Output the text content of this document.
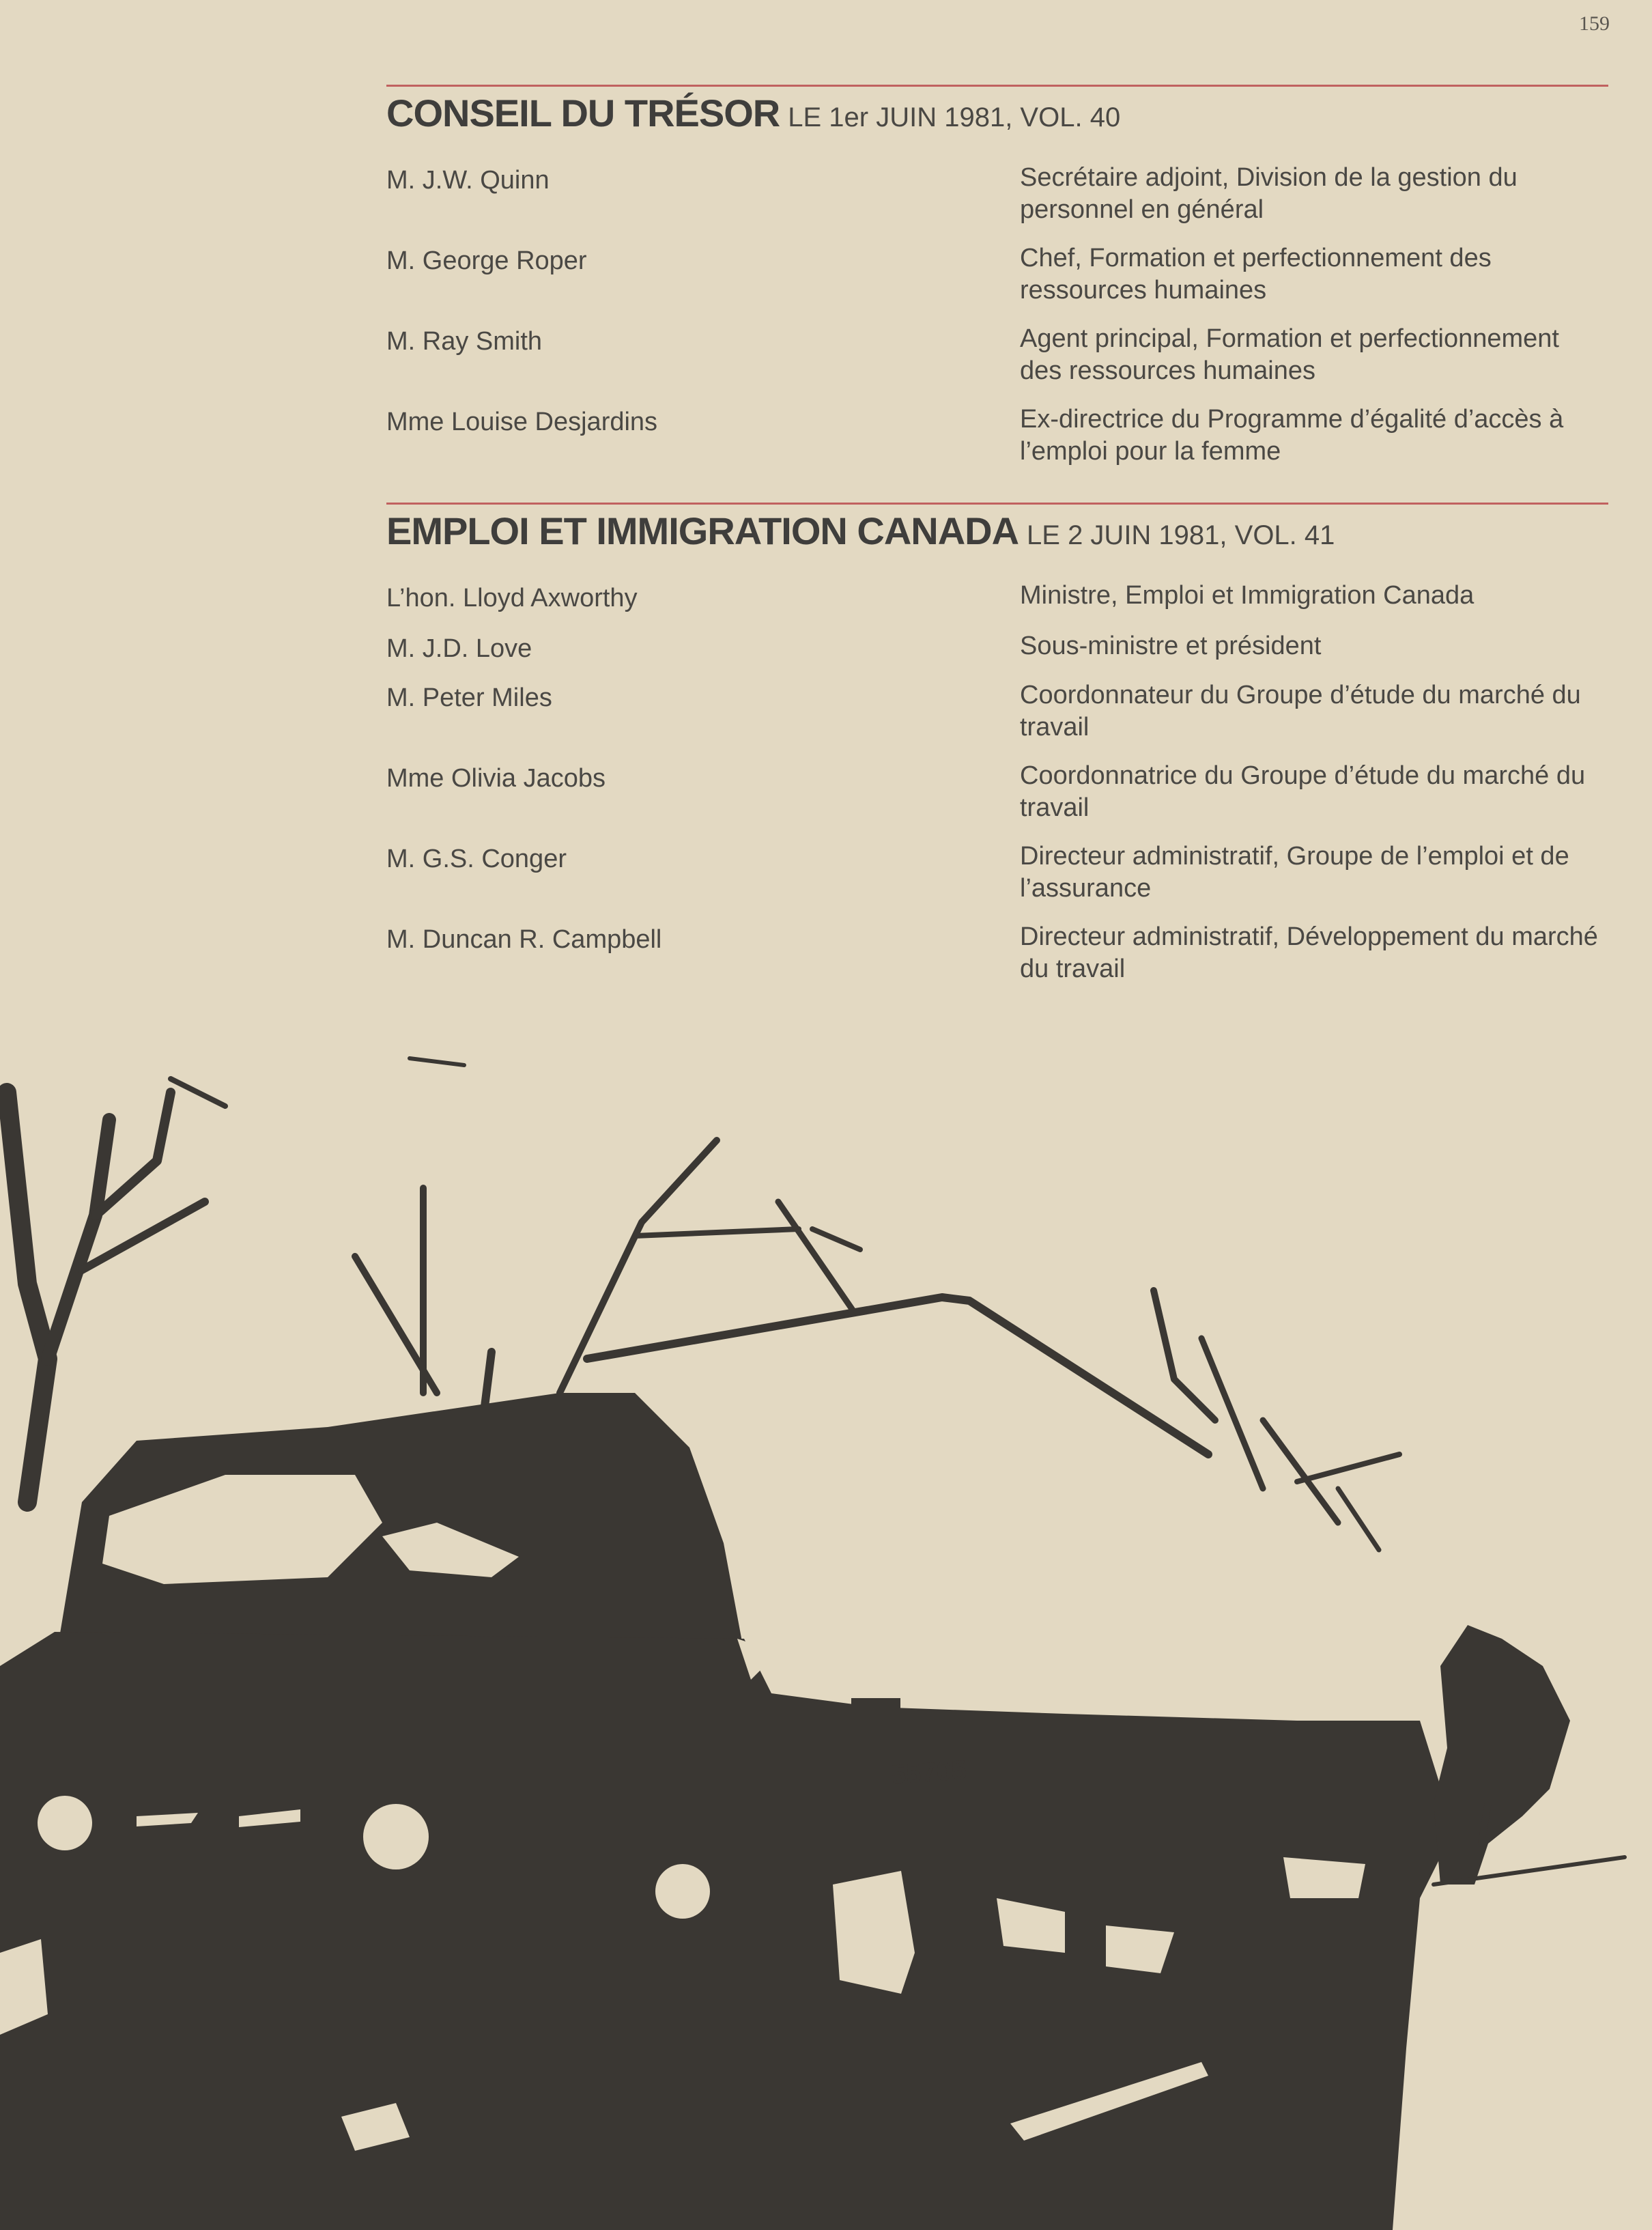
159
CONSEIL DU TRÉSOR LE 1er JUIN 1981, VOL. 40
M. J.W. Quinn	Secrétaire adjoint, Division de la gestion du personnel en général
M. George Roper	Chef, Formation et perfectionnement des ressources humaines
M. Ray Smith	Agent principal, Formation et perfectionnement des ressources humaines
Mme Louise Desjardins	Ex-directrice du Programme d’égalité d’accès à l’emploi pour la femme
EMPLOI ET IMMIGRATION CANADA LE 2 JUIN 1981, VOL. 41
L’hon. Lloyd Axworthy	Ministre, Emploi et Immigration Canada
M. J.D. Love	Sous-ministre et président
M. Peter Miles	Coordonnateur du Groupe d’étude du marché du travail
Mme Olivia Jacobs	Coordonnatrice du Groupe d’étude du marché du travail
M. G.S. Conger	Directeur administratif, Groupe de l’emploi et de l’assurance
M. Duncan R. Campbell	Directeur administratif, Développement du marché du travail
55705
